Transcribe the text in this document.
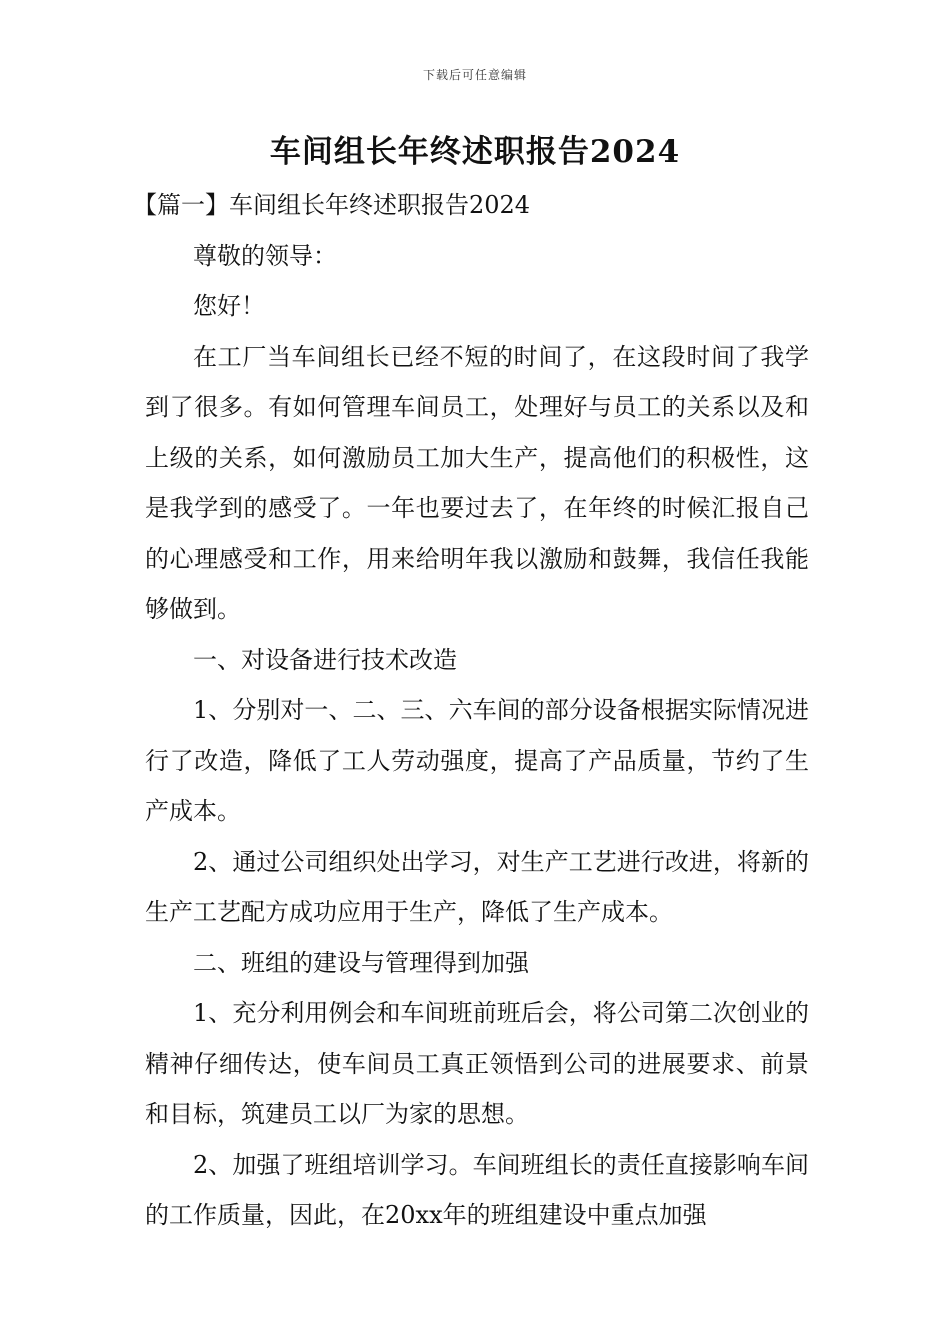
下载后可任意编辑
车间组长年终述职报告2024

【篇一】车间组长年终述职报告2024

尊敬的领导：

您好！

在工厂当车间组长已经不短的时间了，在这段时间了我学到了很多。有如何管理车间员工，处理好与员工的关系以及和上级的关系，如何激励员工加大生产，提高他们的积极性，这是我学到的感受了。一年也要过去了，在年终的时候汇报自己的心理感受和工作，用来给明年我以激励和鼓舞，我信任我能够做到。

一、对设备进行技术改造

1、分别对一、二、三、六车间的部分设备根据实际情况进行了改造，降低了工人劳动强度，提高了产品质量，节约了生产成本。

2、通过公司组织处出学习，对生产工艺进行改进，将新的生产工艺配方成功应用于生产，降低了生产成本。

二、班组的建设与管理得到加强

1、充分利用例会和车间班前班后会，将公司第二次创业的精神仔细传达，使车间员工真正领悟到公司的进展要求、前景和目标，筑建员工以厂为家的思想。

2、加强了班组培训学习。车间班组长的责任直接影响车间的工作质量，因此，在20xx年的班组建设中重点加强
